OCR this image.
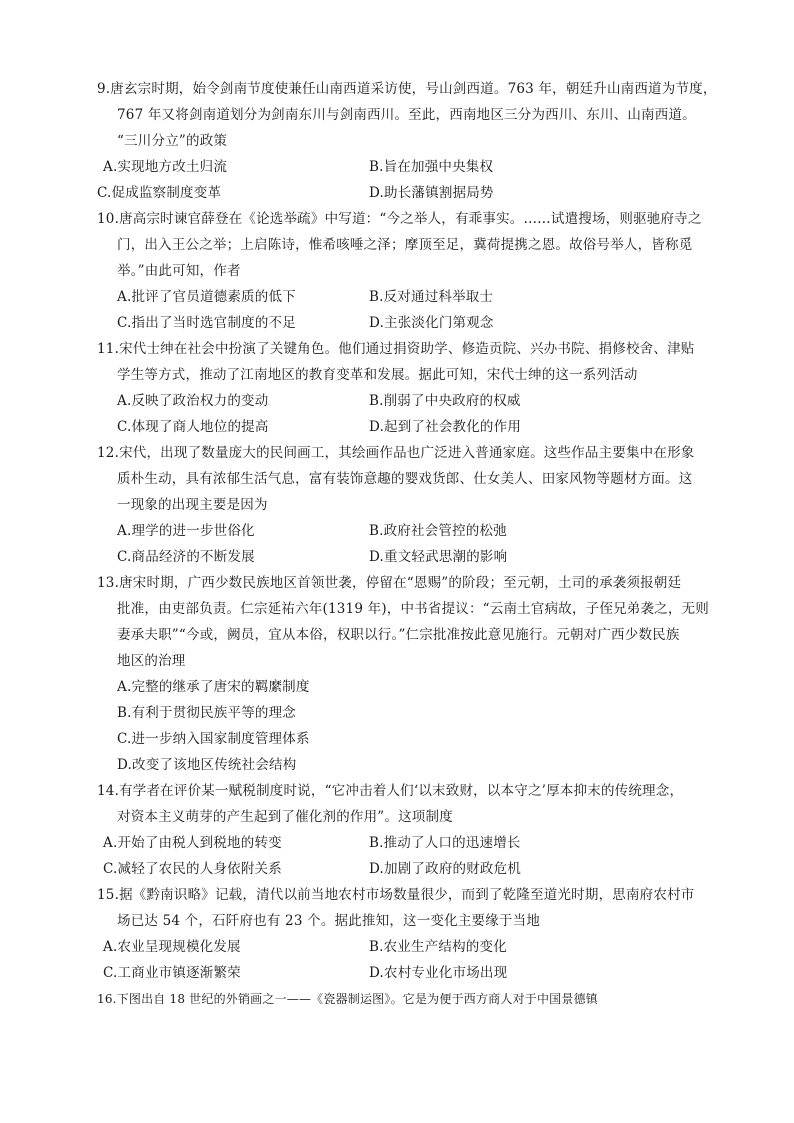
9.唐玄宗时期，始令剑南节度使兼任山南西道采访使，号山剑西道。763 年，朝廷升山南西道为节度，
767 年又将剑南道划分为剑南东川与剑南西川。至此，西南地区三分为西川、东川、山南西道。
“三川分立”的政策
A.实现地方改土归流	B.旨在加强中央集权
C.促成监察制度变革	D.助长藩镇割据局势
10.唐高宗时谏官薛登在《论选举疏》中写道：“今之举人，有乖事实。……试遣搜场，则驱驰府寺之
门，出入王公之举；上启陈诗，惟希咳唾之泽；摩顶至足，冀荷提携之恩。故俗号举人，皆称觅
举。”由此可知，作者
A.批评了官员道德素质的低下	B.反对通过科举取士
C.指出了当时选官制度的不足	D.主张淡化门第观念
11.宋代士绅在社会中扮演了关键角色。他们通过捐资助学、修造贡院、兴办书院、捐修校舍、津贴
学生等方式，推动了江南地区的教育变革和发展。据此可知，宋代士绅的这一系列活动
A.反映了政治权力的变动	B.削弱了中央政府的权威
C.体现了商人地位的提高	D.起到了社会教化的作用
12.宋代，出现了数量庞大的民间画工，其绘画作品也广泛进入普通家庭。这些作品主要集中在形象
质朴生动，具有浓郁生活气息，富有装饰意趣的婴戏货郎、仕女美人、田家风物等题材方面。这
一现象的出现主要是因为
A.理学的进一步世俗化	B.政府社会管控的松弛
C.商品经济的不断发展	D.重文轻武思潮的影响
13.唐宋时期，广西少数民族地区首领世袭，停留在“恩赐”的阶段；至元朝，土司的承袭须报朝廷
批准，由吏部负责。仁宗延祐六年(1319 年)，中书省提议：“云南土官病故，子侄兄弟袭之，无则
妻承夫职”“今或，阙员，宜从本俗，权职以行。”仁宗批准按此意见施行。元朝对广西少数民族
地区的治理
A.完整的继承了唐宋的羁縻制度
B.有利于贯彻民族平等的理念
C.进一步纳入国家制度管理体系
D.改变了该地区传统社会结构
14.有学者在评价某一赋税制度时说，“它冲击着人们‘以末致财，以本守之’厚本抑末的传统理念，
对资本主义萌芽的产生起到了催化剂的作用”。这项制度
A.开始了由税人到税地的转变	B.推动了人口的迅速增长
C.减轻了农民的人身依附关系	D.加剧了政府的财政危机
15.据《黔南识略》记载，清代以前当地农村市场数量很少，而到了乾隆至道光时期，思南府农村市
场已达 54 个，石阡府也有 23 个。据此推知，这一变化主要缘于当地
A.农业呈现规模化发展	B.农业生产结构的变化
C.工商业市镇逐渐繁荣	D.农村专业化市场出现
16.下图出自 18 世纪的外销画之一——《瓷器制运图》。它是为便于西方商人对于中国景德镇
